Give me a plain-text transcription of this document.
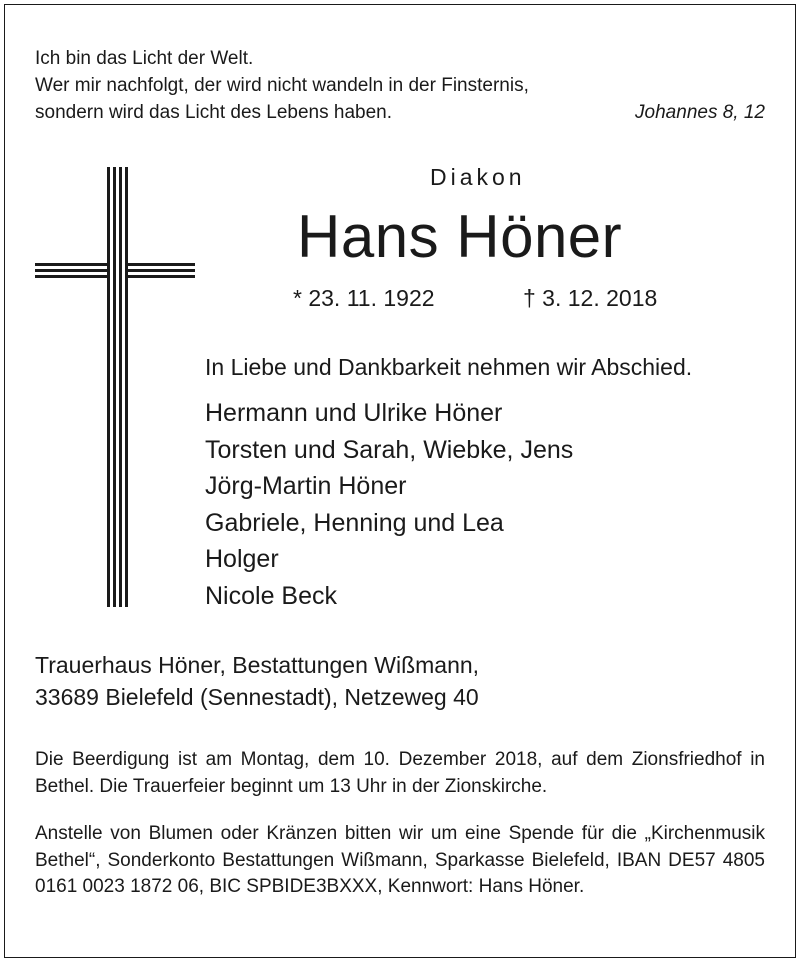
Ich bin das Licht der Welt.
Wer mir nachfolgt, der wird nicht wandeln in der Finsternis,
sondern wird das Licht des Lebens haben.	Johannes 8, 12
Diakon
Hans Höner
* 23. 11. 1922	† 3. 12. 2018
In Liebe und Dankbarkeit nehmen wir Abschied.
Hermann und Ulrike Höner
Torsten und Sarah, Wiebke, Jens
Jörg-Martin Höner
Gabriele, Henning und Lea
Holger
Nicole Beck
Trauerhaus Höner, Bestattungen Wißmann,
33689 Bielefeld (Sennestadt), Netzeweg 40
Die Beerdigung ist am Montag, dem 10. Dezember 2018, auf dem Zionsfriedhof in Bethel. Die Trauerfeier beginnt um 13 Uhr in der Zionskirche.
Anstelle von Blumen oder Kränzen bitten wir um eine Spende für die „Kirchenmusik Bethel“, Sonderkonto Bestattungen Wißmann, Sparkasse Bielefeld, IBAN DE57 4805 0161 0023 1872 06, BIC SPBIDE3BXXX, Kennwort: Hans Höner.
